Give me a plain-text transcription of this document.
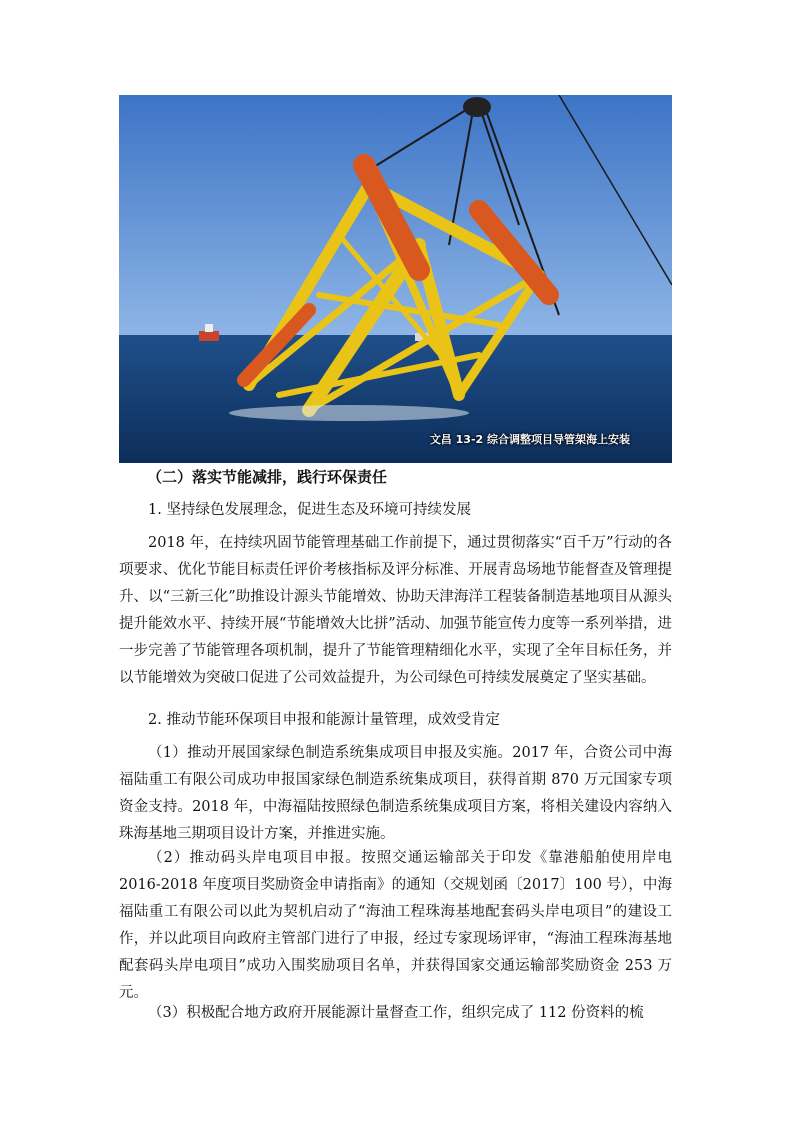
文昌 13-2 综合调整项目导管架海上安装
（二）落实节能减排，践行环保责任

1. 坚持绿色发展理念，促进生态及环境可持续发展

2018 年，在持续巩固节能管理基础工作前提下，通过贯彻落实“百千万”行动的各项要求、优化节能目标责任评价考核指标及评分标准、开展青岛场地节能督查及管理提升、以“三新三化”助推设计源头节能增效、协助天津海洋工程装备制造基地项目从源头提升能效水平、持续开展“节能增效大比拼”活动、加强节能宣传力度等一系列举措，进一步完善了节能管理各项机制，提升了节能管理精细化水平，实现了全年目标任务，并以节能增效为突破口促进了公司效益提升，为公司绿色可持续发展奠定了坚实基础。

2. 推动节能环保项目申报和能源计量管理，成效受肯定

（1）推动开展国家绿色制造系统集成项目申报及实施。2017 年，合资公司中海福陆重工有限公司成功申报国家绿色制造系统集成项目，获得首期 870 万元国家专项资金支持。2018 年，中海福陆按照绿色制造系统集成项目方案，将相关建设内容纳入珠海基地三期项目设计方案，并推进实施。

（2）推动码头岸电项目申报。按照交通运输部关于印发《靠港船舶使用岸电 2016-2018 年度项目奖励资金申请指南》的通知（交规划函〔2017〕100 号），中海福陆重工有限公司以此为契机启动了“海油工程珠海基地配套码头岸电项目”的建设工作，并以此项目向政府主管部门进行了申报，经过专家现场评审，“海油工程珠海基地配套码头岸电项目”成功入围奖励项目名单，并获得国家交通运输部奖励资金 253 万元。

（3）积极配合地方政府开展能源计量督查工作，组织完成了 112 份资料的梳
